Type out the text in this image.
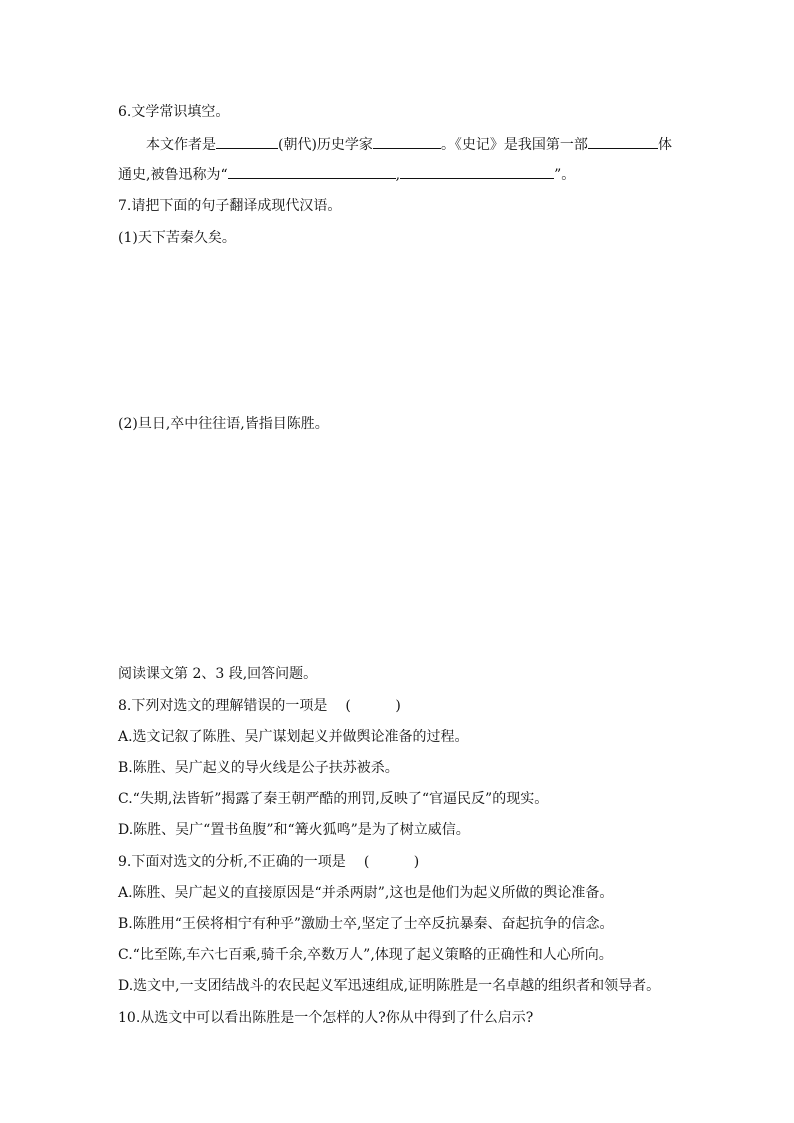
6.文学常识填空。
本文作者是	(朝代)历史学家	。《史记》是我国第一部	体
通史,被鲁迅称为“	,	”。
7.请把下面的句子翻译成现代汉语。
(1)天下苦秦久矣。
(2)旦日,卒中往往语,皆指目陈胜。
阅读课文第 2、3 段,回答问题。
8.下列对选文的理解错误的一项是 (          )
A.选文记叙了陈胜、吴广谋划起义并做舆论准备的过程。
B.陈胜、吴广起义的导火线是公子扶苏被杀。
C.“失期,法皆斩”揭露了秦王朝严酷的刑罚,反映了“官逼民反”的现实。
D.陈胜、吴广“置书鱼腹”和“篝火狐鸣”是为了树立威信。
9.下面对选文的分析,不正确的一项是 (          )
A.陈胜、吴广起义的直接原因是“并杀两尉”,这也是他们为起义所做的舆论准备。
B.陈胜用“王侯将相宁有种乎”激励士卒,坚定了士卒反抗暴秦、奋起抗争的信念。
C.“比至陈,车六七百乘,骑千余,卒数万人”,体现了起义策略的正确性和人心所向。
D.选文中,一支团结战斗的农民起义军迅速组成,证明陈胜是一名卓越的组织者和领导者。
10.从选文中可以看出陈胜是一个怎样的人?你从中得到了什么启示?
